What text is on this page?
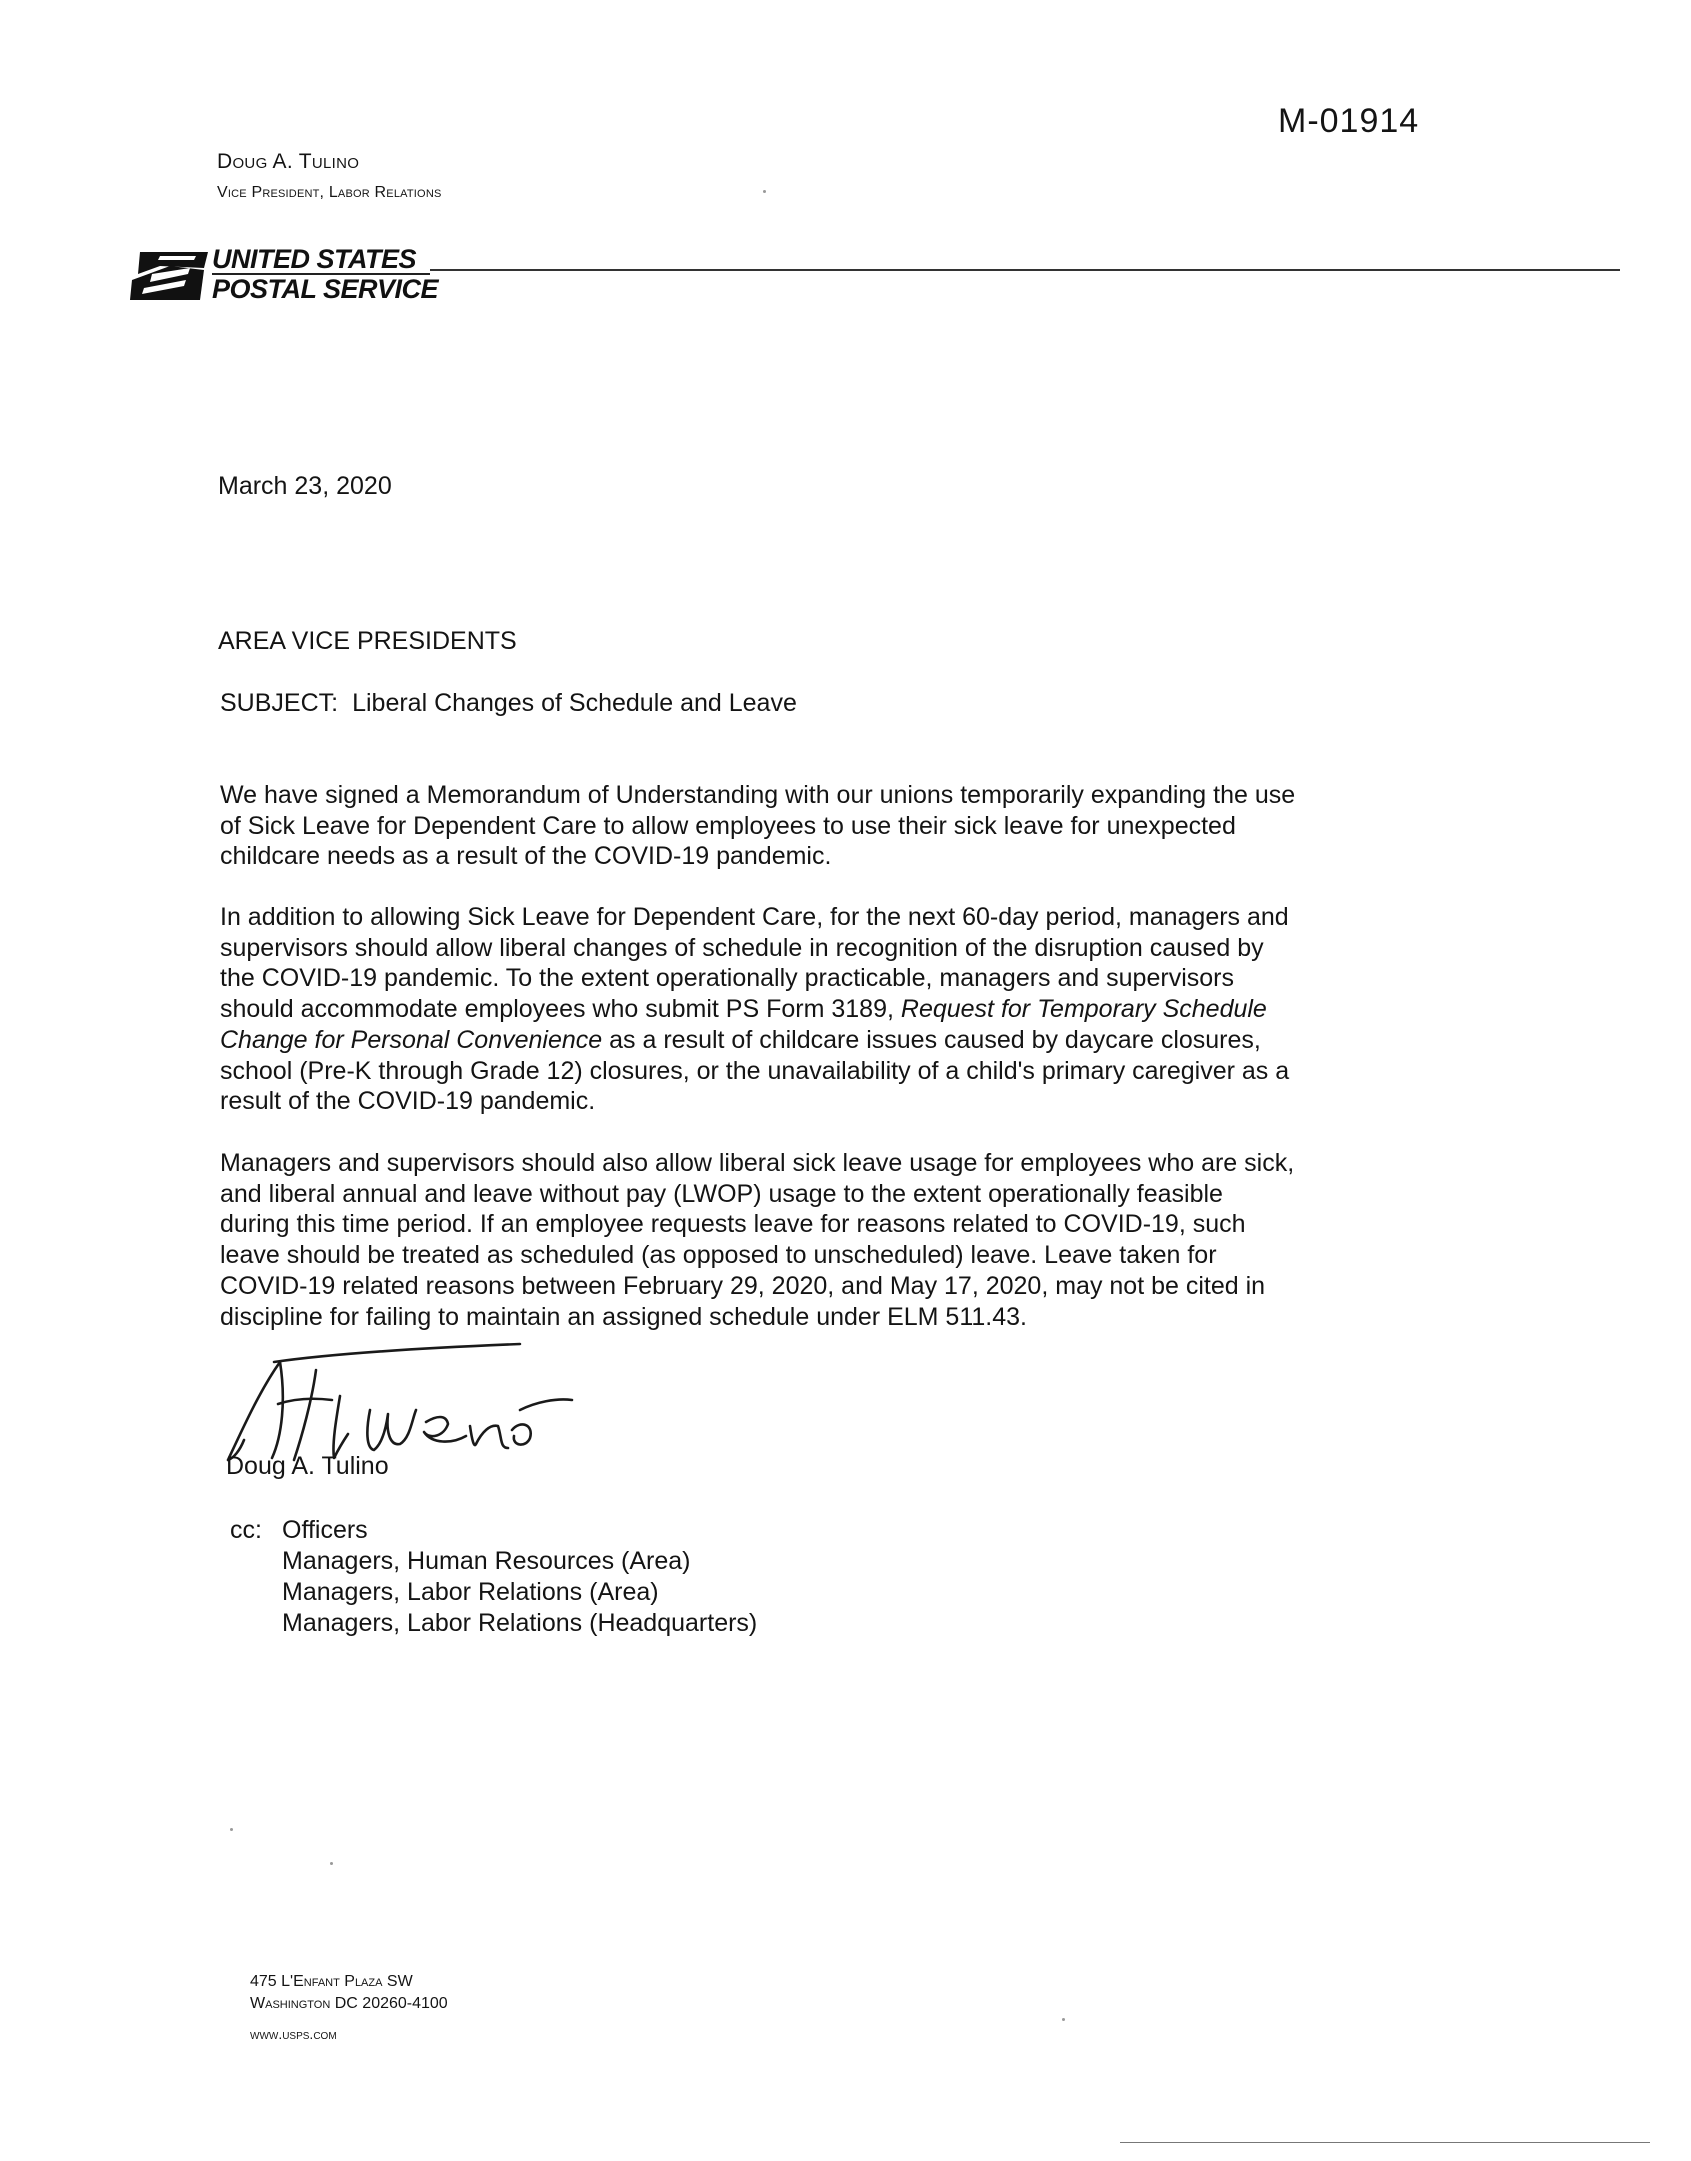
M-01914
Doug A. Tulino
Vice President, Labor Relations
UNITED STATES
POSTAL SERVICE
March 23, 2020
AREA VICE PRESIDENTS
SUBJECT: Liberal Changes of Schedule and Leave
We have signed a Memorandum of Understanding with our unions temporarily expanding the use
of Sick Leave for Dependent Care to allow employees to use their sick leave for unexpected
childcare needs as a result of the COVID-19 pandemic.
In addition to allowing Sick Leave for Dependent Care, for the next 60-day period, managers and
supervisors should allow liberal changes of schedule in recognition of the disruption caused by
the COVID-19 pandemic. To the extent operationally practicable, managers and supervisors
should accommodate employees who submit PS Form 3189, Request for Temporary Schedule
Change for Personal Convenience as a result of childcare issues caused by daycare closures,
school (Pre-K through Grade 12) closures, or the unavailability of a child's primary caregiver as a
result of the COVID-19 pandemic.
Managers and supervisors should also allow liberal sick leave usage for employees who are sick,
and liberal annual and leave without pay (LWOP) usage to the extent operationally feasible
during this time period. If an employee requests leave for reasons related to COVID-19, such
leave should be treated as scheduled (as opposed to unscheduled) leave. Leave taken for
COVID-19 related reasons between February 29, 2020, and May 17, 2020, may not be cited in
discipline for failing to maintain an assigned schedule under ELM 511.43.
Doug A. Tulino
cc: Officers
Managers, Human Resources (Area)
Managers, Labor Relations (Area)
Managers, Labor Relations (Headquarters)
475 L'Enfant Plaza SW
Washington DC 20260-4100
www.usps.com
